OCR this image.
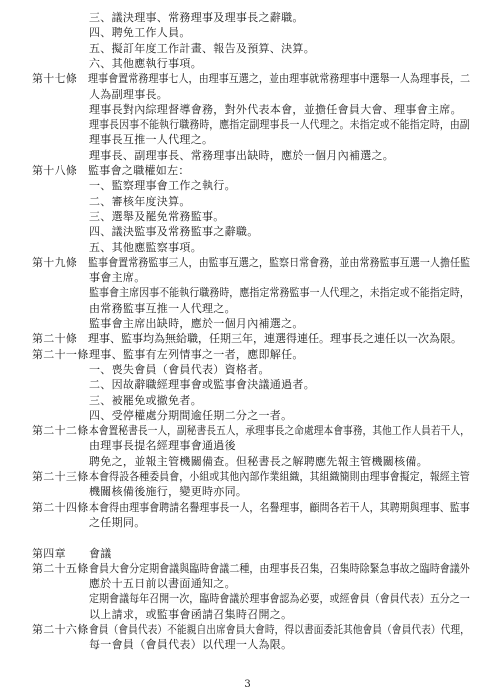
三、議決理事、常務理事及理事長之辭職。
四、聘免工作人員。
五、擬訂年度工作計畫、報告及預算、決算。
六、其他應執行事項。
第十七條 理事會置常務理事七人，由理事互選之，並由理事就常務理事中選舉一人為理事長，二
人為副理事長。
理事長對內綜理督導會務，對外代表本會，並擔任會員大會、理事會主席。
理事長因事不能執行職務時，應指定副理事長一人代理之。未指定或不能指定時，由副
理事長互推一人代理之。
理事長、副理事長、常務理事出缺時，應於一個月內補選之。
第十八條 監事會之職權如左：
一、監察理事會工作之執行。
二、審核年度決算。
三、選舉及罷免常務監事。
四、議決監事及常務監事之辭職。
五、其他應監察事項。
第十九條 監事會置常務監事三人，由監事互選之，監察日常會務，並由常務監事互選一人擔任監
事會主席。
監事會主席因事不能執行職務時，應指定常務監事一人代理之，未指定或不能指定時，
由常務監事互推一人代理之。
監事會主席出缺時，應於一個月內補選之。
第二十條 理事、監事均為無給職，任期三年，連選得連任。理事長之連任以一次為限。
第二十一條 理事、監事有左列情事之一者，應即解任。
一、喪失會員（會員代表）資格者。
二、因故辭職經理事會或監事會決議通過者。
三、被罷免或撤免者。
四、受停權處分期間逾任期二分之一者。
第二十二條 本會置秘書長一人，副秘書長五人，承理事長之命處理本會事務，其他工作人員若干人，
由理事長提名經理事會通過後
聘免之，並報主管機關備查。但秘書長之解聘應先報主管機關核備。
第二十三條 本會得設各種委員會，小組或其他內部作業組織，其組織簡則由理事會擬定，報經主管
機關核備後施行，變更時亦同。
第二十四條 本會得由理事會聘請名譽理事長一人，名譽理事，顧問各若干人，其聘期與理事、監事
之任期同。
第四章 會議
第二十五條 會員大會分定期會議與臨時會議二種，由理事長召集，召集時除緊急事故之臨時會議外
應於十五日前以書面通知之。
定期會議每年召開一次，臨時會議於理事會認為必要，或經會員（會員代表）五分之一
以上請求，或監事會函請召集時召開之。
第二十六條 會員（會員代表）不能親自出席會員大會時，得以書面委託其他會員（會員代表）代理，
每一會員（會員代表）以代理一人為限。
3
